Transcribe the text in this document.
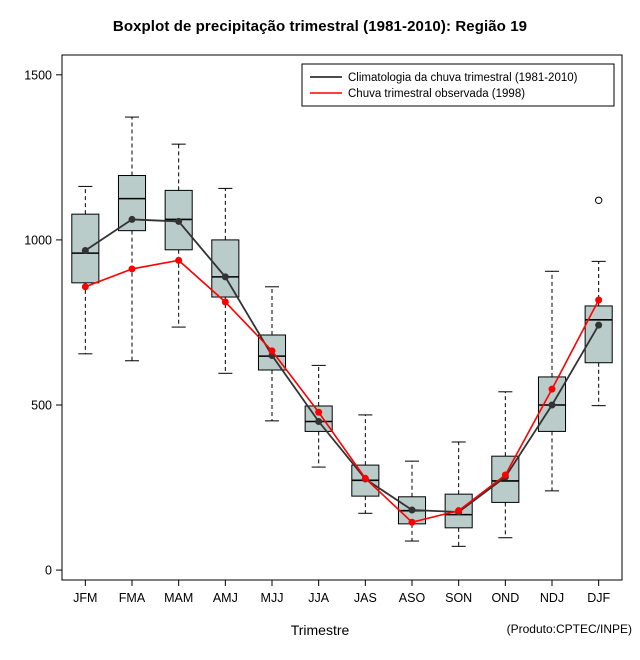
Boxplot de precipitação trimestral (1981-2010): Região 19
Trimestre	(Produto:CPTEC/INPE)
0
500
1000
1500
JFM FMA MAM AMJ MJJ JJA JAS ASO SON OND NDJ DJF
Climatologia da chuva trimestral (1981-2010)
Chuva trimestral observada (1998)
